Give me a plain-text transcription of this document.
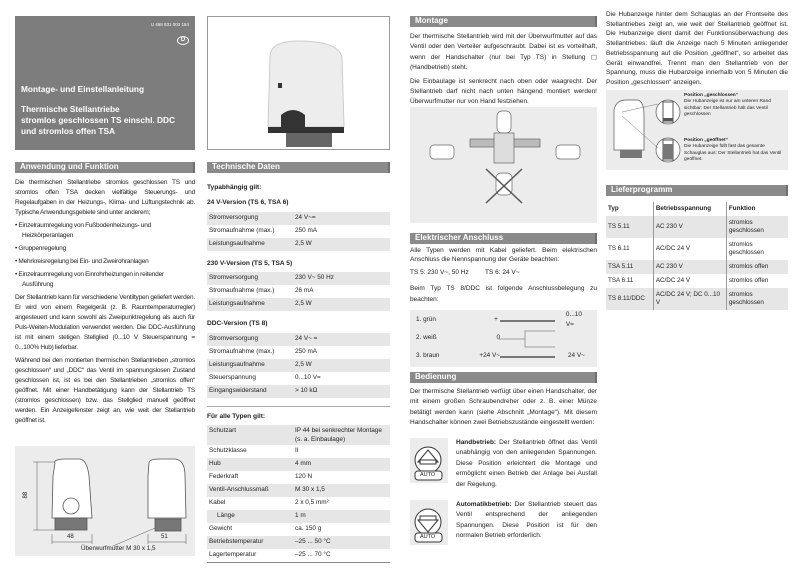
U 468 931 003 184
D
Montage- und Einstellanleitung
Thermische Stellantriebe
stromlos geschlossen TS einschl. DDC
und stromlos offen TSA
Anwendung und Funktion

Die thermischen Stellantriebe stromlos geschlossen TS und stromlos offen TSA decken vielfältige Steuerungs- und Regelaufgaben in der Heizungs-, Klima- und Lüftungstechnik ab. Typische Anwendungsgebiete sind unter anderem;

• Einzelraumregelung von Fußbodenheizungs- und Heizkörperanlagen
• Gruppenregelung
• Mehrkreisregelung bei Ein- und Zweirohranlagen
• Einzelraumregelung von Einrohrheizungen in reitender Ausführung

Der Stellantrieb kann für verschiedene Ventiltypen geliefert werden. Er wird von einem Regelgerät (z. B. Raumtemperaturregler) angesteuert und kann sowohl als Zweipunktregelung als auch für Puls-Weiten-Modulation verwendet werden. Die DDC-Ausführung ist mit einem stetigen Stellglied (0...10 V Steuerspannung = 0...100% Hub) lieferbar.

Während bei den montierten thermischen Stellantrieben „stromlos geschlossen“ und „DDC“ das Ventil im spannungslosen Zustand geschlossen ist, ist es bei den Stellantrieben „stromlos offen“ geöffnet. Mit einer Handbetätigung kann der Stellantrieb TS (stromlos geschlossen) bzw. das Stellglied manuell geöffnet werden. Ein Anzeigefenster zeigt an, wie weit der Stellantrieb geöffnet ist.

88
48	51
Überwurfmutter M 30 x 1,5
Technische Daten
Typabhängig gilt:
24 V-Version (TS 6, TSA 6)
Stromversorgung	24 V~=
Stromaufnahme (max.)	250 mA
Leistungsaufnahme	2,5 W
230 V-Version (TS 5, TSA 5)
Stromversorgung	230 V~ 50 Hz
Stromaufnahme (max.)	26 mA
Leistungsaufnahme	2,5 W
DDC-Version (TS 8)
Stromversorgung	24 V~ =
Stromaufnahme (max.)	250 mA
Leistungsaufnahme	2,5 W
Steuerspannung	0...10 V=
Eingangswiderstand	> 10 kΩ
Für alle Typen gilt:
Schutzart	IP 44 bei senkrechter Montage (s. a. Einbaulage)
Schutzklasse	II
Hub	4 mm
Federkraft	120 N
Ventil-Anschlussmaß	M 30 x 1,5
Kabel	2 x 0,5 mm²
Länge	1 m
Gewicht	ca. 150 g
Betriebstemperatur	–25 ... 50 °C
Lagertemperatur	–25 ... 70 °C
Montage

Der thermische Stellantrieb wird mit der Überwurfmutter auf das Ventil oder den Verteiler aufgeschraubt. Dabei ist es vorteilhaft, wenn der Handschalter (nur bei Typ TS) in Stellung ▢ (Handbetrieb) steht.

Die Einbaulage ist senkrecht nach oben oder waagrecht. Der Stellantrieb darf nicht nach unten hängend montiert werden! Überwurfmutter nur von Hand festziehen.

Elektrischer Anschluss

Alle Typen werden mit Kabel geliefert. Beim elektrischen Anschluss die Nennspannung der Geräte beachten:

TS 5: 230 V~, 50 Hz	TS 6: 24 V~

Beim Typ TS 8/DDC ist folgende Anschlussbelegung zu beachten:

1. grün	+
0...10 V=
2. weiß	0
3. braun	+24 V~	24 V~
Bedienung

Der thermische Stellantrieb verfügt über einen Handschalter, der mit einem großen Schraubendreher oder z. B. einer Münze betätigt werden kann (siehe Abschnitt „Montage“). Mit diesem Handschalter können zwei Betriebszustände eingestellt werden:

AUTO

Handbetrieb: Der Stellantrieb öffnet das Ventil unabhängig von den anliegenden Spannungen. Diese Position erleichtert die Montage und ermöglicht einen Betrieb der Anlage bei Ausfall der Regelung.

AUTO

Automatikbetrieb: Der Stellantrieb steuert das Ventil entsprechend der anliegenden Spannungen. Diese Position ist für den normalen Betrieb erforderlich.

Die Hubanzeige hinter dem Schauglas an der Frontseite des Stellantriebes zeigt an, wie weit der Stellantrieb geöffnet ist. Die Hubanzeige dient damit der Funktionsüberwachung des Stellantriebes: läuft die Anzeige nach 5 Minuten anliegender Betriebsspannung auf die Position „geöffnet“, so arbeitet das Gerät einwandfrei. Trennt man den Stellantrieb von der Spannung, muss die Hubanzeige innerhalb von 5 Minuten die Position „geschlossen“ anzeigen.

Position „geschlossen“
Die Hubanzeige ist nur am unteren Rand sichtbar: Der Stellantrieb hält das Ventil geschlossen
Position „geöffnet“
Die Hubanzeige füllt fast das gesamte Schauglas aus: Der Stellantrieb hat das Ventil geöffnet.
Lieferprogramm
Typ	Betriebsspannung	Funktion
TS 5.11	AC 230 V	stromlos geschlossen
TS 6.11	AC/DC 24 V	stromlos geschlossen
TSA 5.11	AC 230 V	stromlos offen
TSA 6.11	AC/DC 24 V	stromlos offen
TS 8.11/DDC	AC/DC 24 V; DC 0...10 V	stromlos geschlossen
